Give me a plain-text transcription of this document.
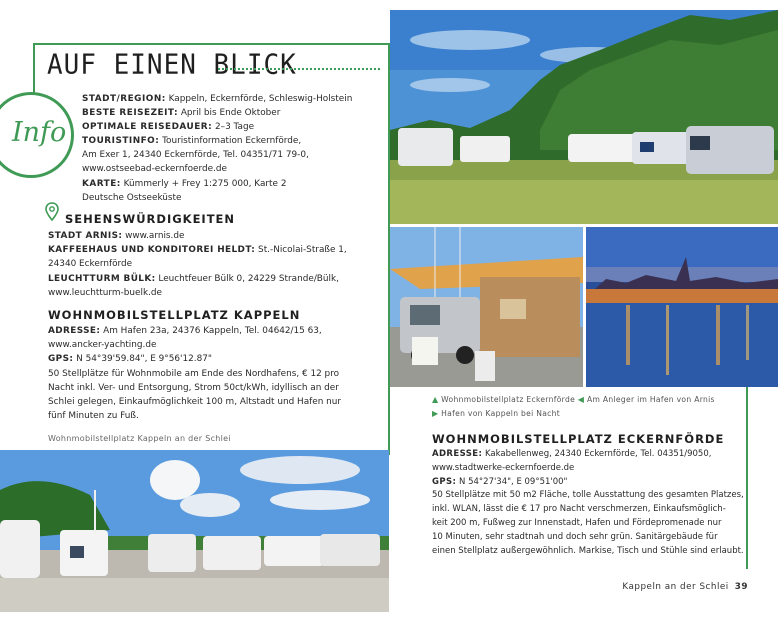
AUF EINEN BLICK
Info
STADT/REGION: Kappeln, Eckernförde, Schleswig-Holstein
BESTE REISEZEIT: April bis Ende Oktober
OPTIMALE REISEDAUER: 2–3 Tage
TOURISTINFO: Touristinformation Eckernförde,
Am Exer 1, 24340 Eckernförde, Tel. 04351/71 79-0,
www.ostseebad-eckernfoerde.de
KARTE: Kümmerly + Frey 1:275 000, Karte 2
Deutsche Ostseeküste
SEHENSWÜRDIGKEITEN
STADT ARNIS: www.arnis.de
KAFFEEHAUS UND KONDITOREI HELDT: St.-Nicolai-Straße 1,
24340 Eckernförde
LEUCHTTURM BÜLK: Leuchtfeuer Bülk 0, 24229 Strande/Bülk,
www.leuchtturm-buelk.de
WOHNMOBILSTELLPLATZ KAPPELN
ADRESSE: Am Hafen 23a, 24376 Kappeln, Tel. 04642/15 63,
www.ancker-yachting.de
GPS: N 54°39'59.84", E 9°56'12.87"
50 Stellplätze für Wohnmobile am Ende des Nordhafens, € 12 pro
Nacht inkl. Ver- und Entsorgung, Strom 50ct/kWh, idyllisch an der
Schlei gelegen, Einkaufmöglichkeit 100 m, Altstadt und Hafen nur
fünf Minuten zu Fuß.
Wohnmobilstellplatz Kappeln an der Schlei
▲ Wohnmobilstellplatz Eckernförde ◀ Am Anleger im Hafen von Arnis
▶ Hafen von Kappeln bei Nacht
WOHNMOBILSTELLPLATZ ECKERNFÖRDE
ADRESSE: Kakabellenweg, 24340 Eckernförde, Tel. 04351/9050,
www.stadtwerke-eckernfoerde.de
GPS: N 54°27'34", E 09°51'00"
50 Stellplätze mit 50 m2 Fläche, tolle Ausstattung des gesamten Platzes,
inkl. WLAN, lässt die € 17 pro Nacht verschmerzen, Einkaufsmöglich-
keit 200 m, Fußweg zur Innenstadt, Hafen und Fördepromenade nur
10 Minuten, sehr stadtnah und doch sehr grün. Sanitärgebäude für
einen Stellplatz außergewöhnlich. Markise, Tisch und Stühle sind erlaubt.
Kappeln an der Schlei 39
